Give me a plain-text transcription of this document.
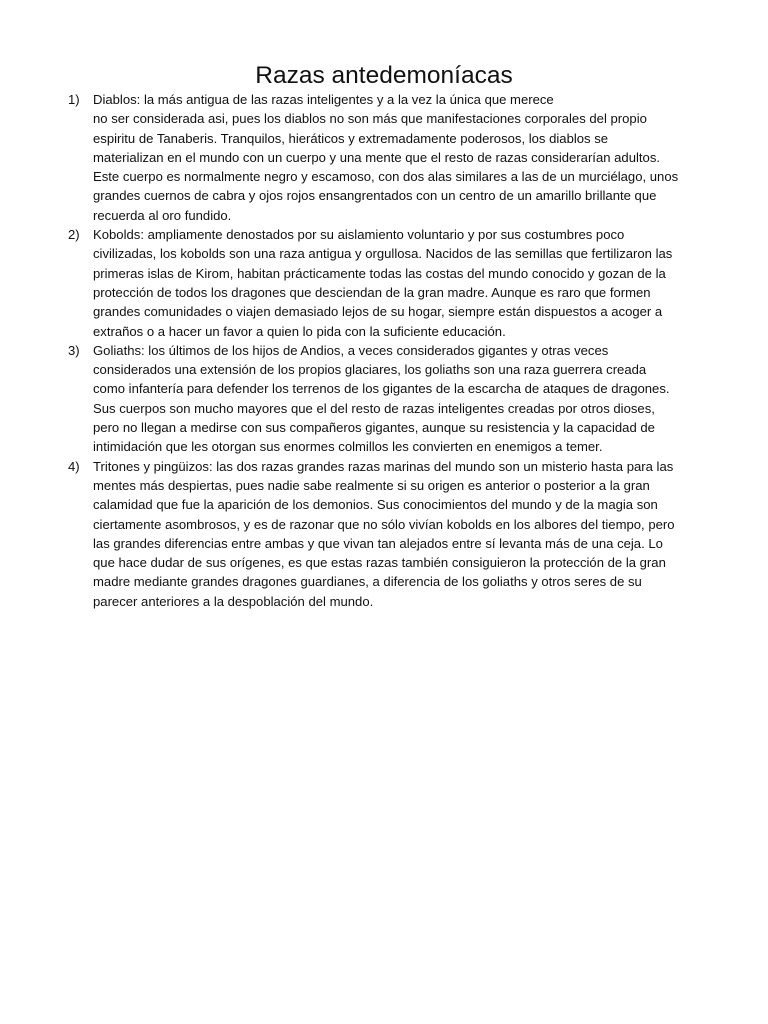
Razas antedemoníacas
1)	Diablos: la más antigua de las razas inteligentes y a la vez la única que merece
no ser considerada asi, pues los diablos no son más que manifestaciones corporales del propio
espiritu de Tanaberis. Tranquilos, hieráticos y extremadamente poderosos, los diablos se
materializan en el mundo con un cuerpo y una mente que el resto de razas considerarían adultos.
Este cuerpo es normalmente negro y escamoso, con dos alas similares a las de un murciélago, unos
grandes cuernos de cabra y ojos rojos ensangrentados con un centro de un amarillo brillante que
recuerda al oro fundido.
2)	Kobolds: ampliamente denostados por su aislamiento voluntario y por sus costumbres poco
civilizadas, los kobolds son una raza antigua y orgullosa. Nacidos de las semillas que fertilizaron las
primeras islas de Kirom, habitan prácticamente todas las costas del mundo conocido y gozan de la
protección de todos los dragones que desciendan de la gran madre. Aunque es raro que formen
grandes comunidades o viajen demasiado lejos de su hogar, siempre están dispuestos a acoger a
extraños o a hacer un favor a quien lo pida con la suficiente educación.
3)	Goliaths: los últimos de los hijos de Andios, a veces considerados gigantes y otras veces
considerados una extensión de los propios glaciares, los goliaths son una raza guerrera creada
como infantería para defender los terrenos de los gigantes de la escarcha de ataques de dragones.
Sus cuerpos son mucho mayores que el del resto de razas inteligentes creadas por otros dioses,
pero no llegan a medirse con sus compañeros gigantes, aunque su resistencia y la capacidad de
intimidación que les otorgan sus enormes colmillos les convierten en enemigos a temer.
4)	Tritones y pingüizos: las dos razas grandes razas marinas del mundo son un misterio hasta para las
mentes más despiertas, pues nadie sabe realmente si su origen es anterior o posterior a la gran
calamidad que fue la aparición de los demonios. Sus conocimientos del mundo y de la magia son
ciertamente asombrosos, y es de razonar que no sólo vivían kobolds en los albores del tiempo, pero
las grandes diferencias entre ambas y que vivan tan alejados entre sí levanta más de una ceja. Lo
que hace dudar de sus orígenes, es que estas razas también consiguieron la protección de la gran
madre mediante grandes dragones guardianes, a diferencia de los goliaths y otros seres de su
parecer anteriores a la despoblación del mundo.
